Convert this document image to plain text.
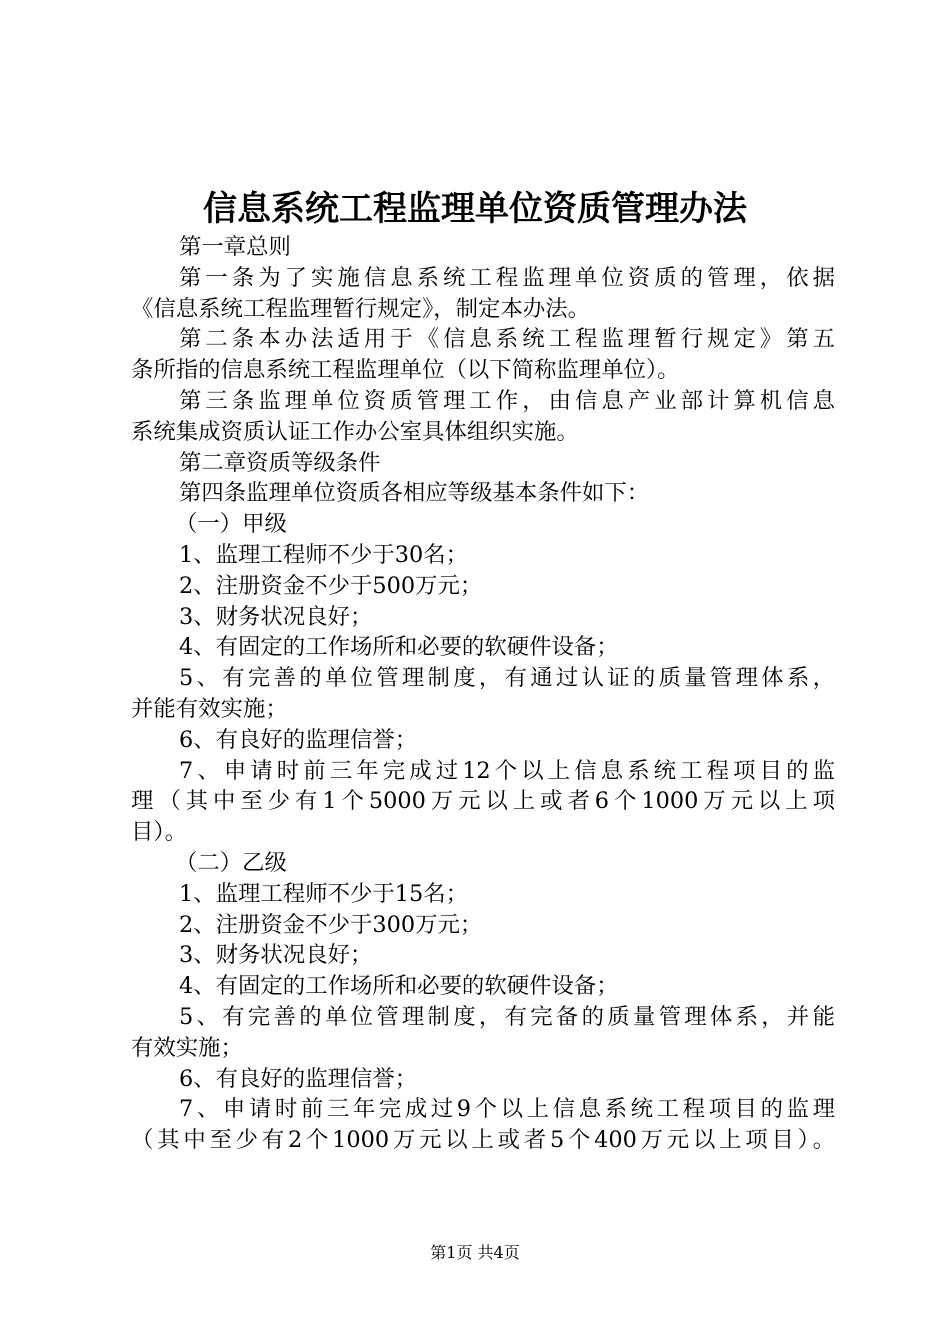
信息系统工程监理单位资质管理办法
第一章总则
第一条为了实施信息系统工程监理单位资质的管理，依据
《信息系统工程监理暂行规定》，制定本办法。
第二条本办法适用于《信息系统工程监理暂行规定》第五
条所指的信息系统工程监理单位（以下简称监理单位）。
第三条监理单位资质管理工作，由信息产业部计算机信息
系统集成资质认证工作办公室具体组织实施。
第二章资质等级条件
第四条监理单位资质各相应等级基本条件如下：
（一）甲级
1、监理工程师不少于30名；
2、注册资金不少于500万元；
3、财务状况良好；
4、有固定的工作场所和必要的软硬件设备；
5、有完善的单位管理制度，有通过认证的质量管理体系，
并能有效实施；
6、有良好的监理信誉；
7、申请时前三年完成过12个以上信息系统工程项目的监
理（其中至少有1个5000万元以上或者6个1000万元以上项
目）。
（二）乙级
1、监理工程师不少于15名；
2、注册资金不少于300万元；
3、财务状况良好；
4、有固定的工作场所和必要的软硬件设备；
5、有完善的单位管理制度，有完备的质量管理体系，并能
有效实施；
6、有良好的监理信誉；
7、申请时前三年完成过9个以上信息系统工程项目的监理
（其中至少有2个1000万元以上或者5个400万元以上项目）。
第1页 共4页
